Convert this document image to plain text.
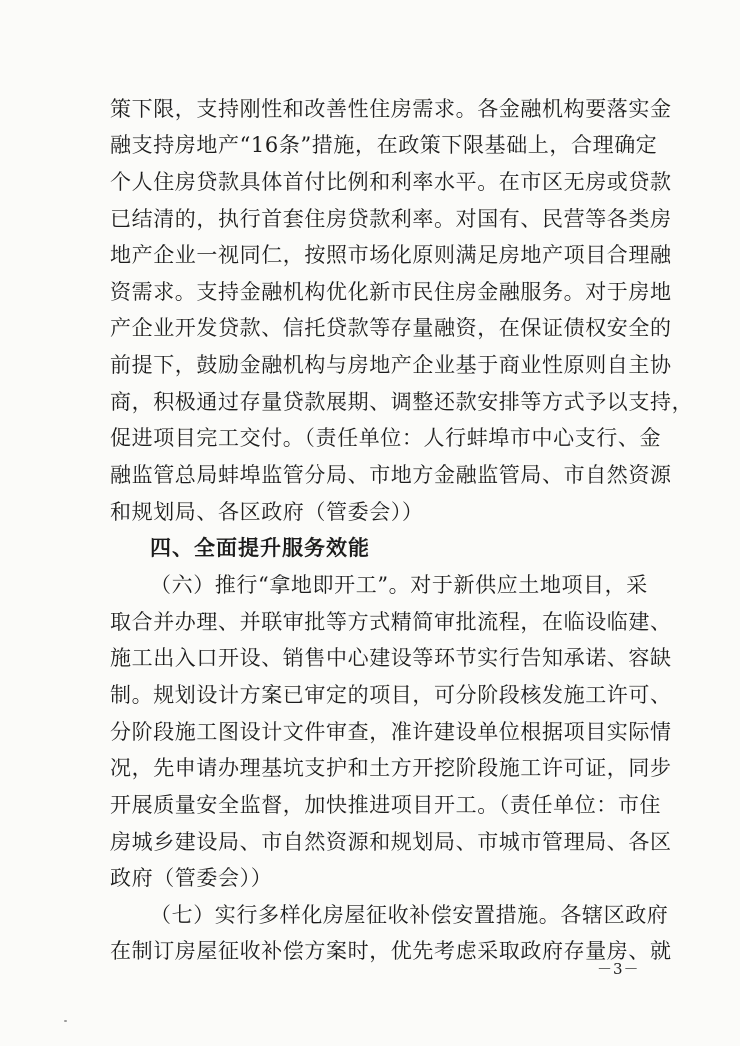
策下限，支持刚性和改善性住房需求。各金融机构要落实金
融支持房地产“16条”措施，在政策下限基础上，合理确定
个人住房贷款具体首付比例和利率水平。在市区无房或贷款
已结清的，执行首套住房贷款利率。对国有、民营等各类房
地产企业一视同仁，按照市场化原则满足房地产项目合理融
资需求。支持金融机构优化新市民住房金融服务。对于房地
产企业开发贷款、信托贷款等存量融资，在保证债权安全的
前提下，鼓励金融机构与房地产企业基于商业性原则自主协
商，积极通过存量贷款展期、调整还款安排等方式予以支持，
促进项目完工交付。（责任单位：人行蚌埠市中心支行、金
融监管总局蚌埠监管分局、市地方金融监管局、市自然资源
和规划局、各区政府（管委会））
四、全面提升服务效能
（六）推行“拿地即开工”。对于新供应土地项目，采
取合并办理、并联审批等方式精简审批流程，在临设临建、
施工出入口开设、销售中心建设等环节实行告知承诺、容缺
制。规划设计方案已审定的项目，可分阶段核发施工许可、
分阶段施工图设计文件审查，准许建设单位根据项目实际情
况，先申请办理基坑支护和土方开挖阶段施工许可证，同步
开展质量安全监督，加快推进项目开工。（责任单位：市住
房城乡建设局、市自然资源和规划局、市城市管理局、各区
政府（管委会））
（七）实行多样化房屋征收补偿安置措施。各辖区政府
在制订房屋征收补偿方案时，优先考虑采取政府存量房、就
－3－
